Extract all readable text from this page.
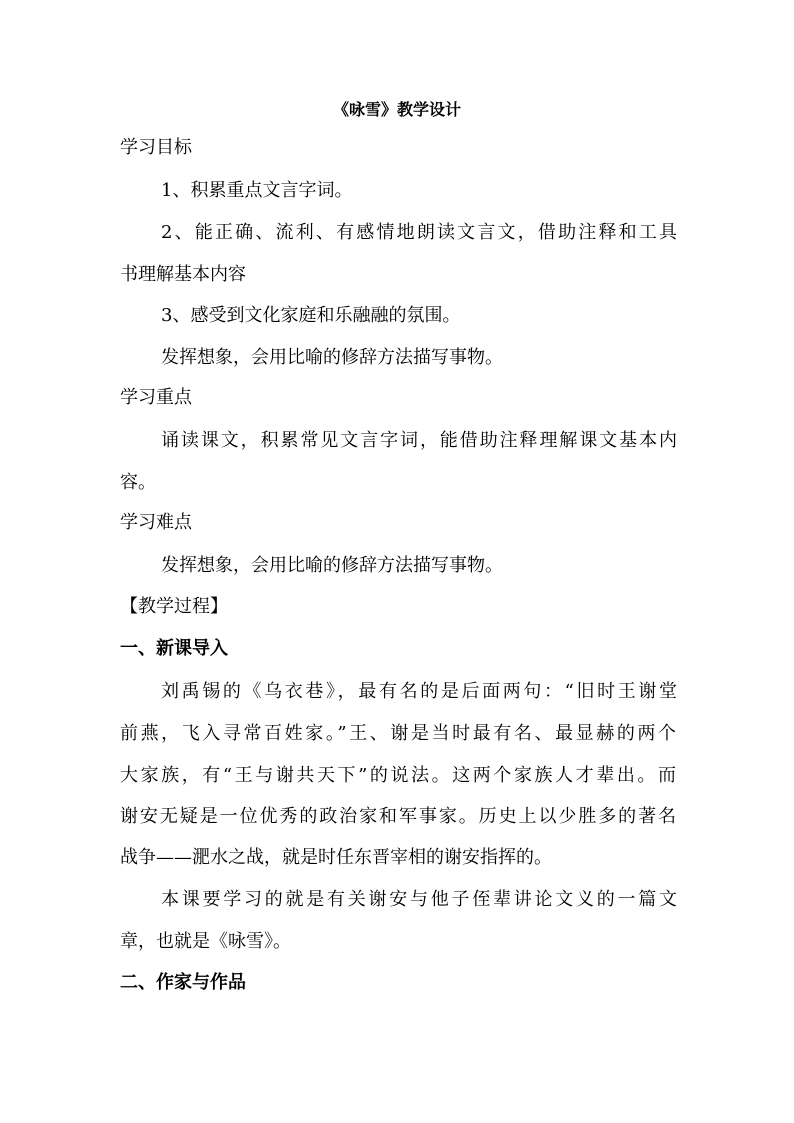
《咏雪》教学设计
学习目标
1、积累重点文言字词。
2、能正确、流利、有感情地朗读文言文，借助注释和工具
书理解基本内容
3、感受到文化家庭和乐融融的氛围。
发挥想象，会用比喻的修辞方法描写事物。
学习重点
诵读课文，积累常见文言字词，能借助注释理解课文基本内
容。
学习难点
发挥想象，会用比喻的修辞方法描写事物。
【教学过程】
一、新课导入
刘禹锡的《乌衣巷》，最有名的是后面两句：“旧时王谢堂
前燕，飞入寻常百姓家。”王、谢是当时最有名、最显赫的两个
大家族，有“王与谢共天下”的说法。这两个家族人才辈出。而
谢安无疑是一位优秀的政治家和军事家。历史上以少胜多的著名
战争——淝水之战，就是时任东晋宰相的谢安指挥的。
本课要学习的就是有关谢安与他子侄辈讲论文义的一篇文
章，也就是《咏雪》。
二、作家与作品
